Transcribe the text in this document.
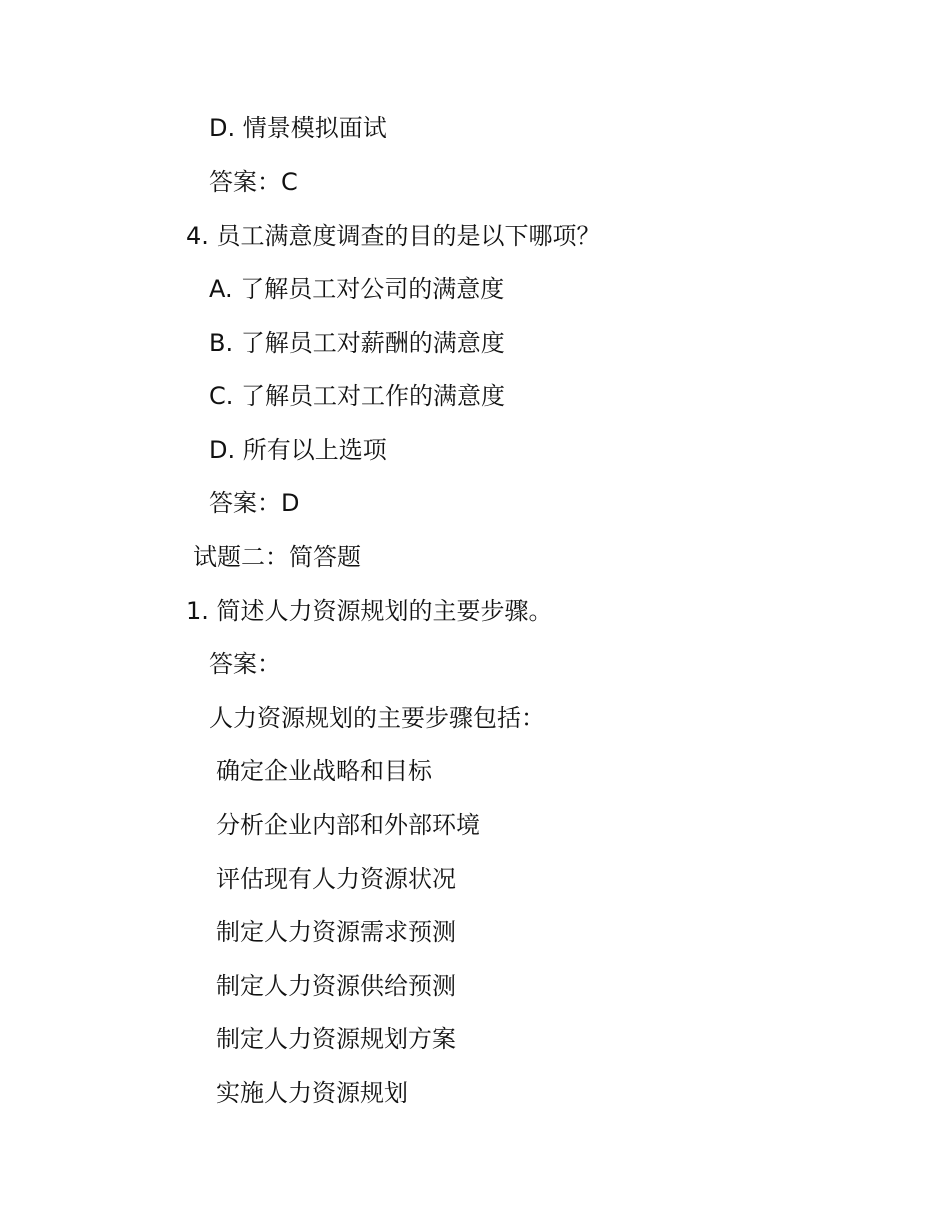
D. 情景模拟面试
答案：C
4. 员工满意度调查的目的是以下哪项？
A. 了解员工对公司的满意度
B. 了解员工对薪酬的满意度
C. 了解员工对工作的满意度
D. 所有以上选项
答案：D
试题二：简答题
1. 简述人力资源规划的主要步骤。
答案：
人力资源规划的主要步骤包括：
确定企业战略和目标
分析企业内部和外部环境
评估现有人力资源状况
制定人力资源需求预测
制定人力资源供给预测
制定人力资源规划方案
实施人力资源规划
